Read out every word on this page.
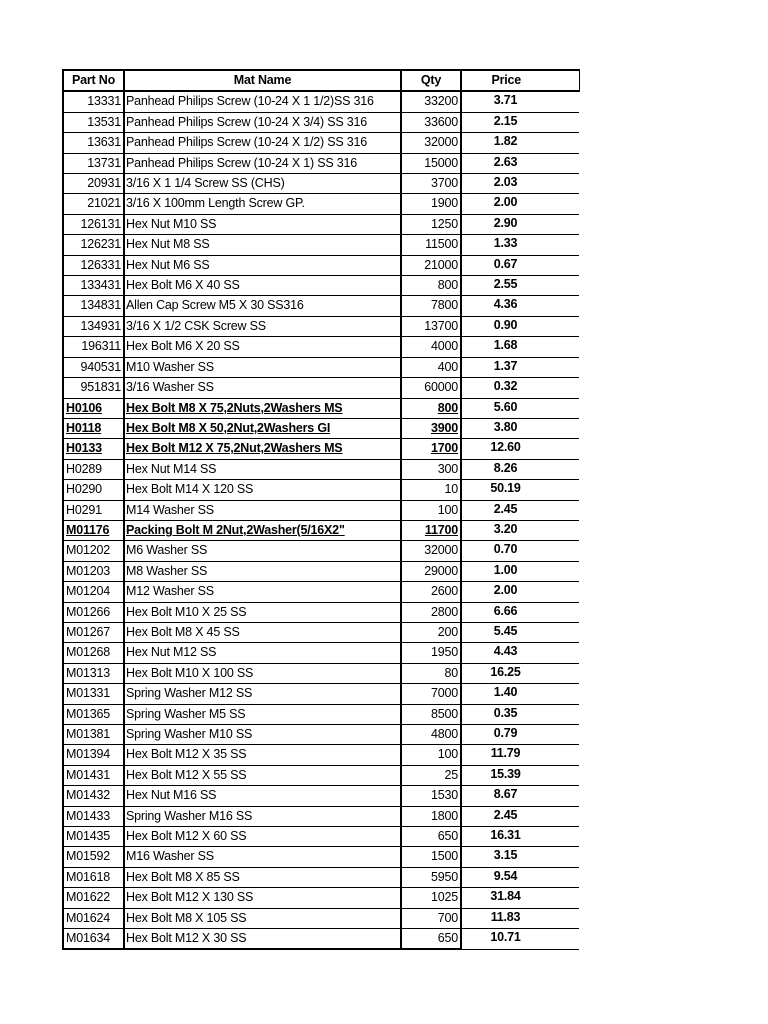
Part No	Mat Name	Qty	Price
13331	Panhead Philips Screw (10-24 X 1 1/2)SS 316	33200	3.71
13531	Panhead Philips Screw (10-24 X 3/4) SS 316	33600	2.15
13631	Panhead Philips Screw (10-24 X 1/2) SS 316	32000	1.82
13731	Panhead Philips Screw (10-24 X 1) SS 316	15000	2.63
20931	3/16 X 1 1/4 Screw SS (CHS)	3700	2.03
21021	3/16 X 100mm Length Screw GP.	1900	2.00
126131	Hex Nut M10 SS	1250	2.90
126231	Hex Nut M8 SS	11500	1.33
126331	Hex Nut M6 SS	21000	0.67
133431	Hex Bolt M6 X 40 SS	800	2.55
134831	Allen Cap Screw M5 X 30 SS316	7800	4.36
134931	3/16 X 1/2 CSK Screw SS	13700	0.90
196311	Hex Bolt M6 X 20 SS	4000	1.68
940531	M10 Washer SS	400	1.37
951831	3/16 Washer SS	60000	0.32
H0106	Hex Bolt M8 X 75,2Nuts,2Washers MS	800	5.60
H0118	Hex Bolt M8 X 50,2Nut,2Washers GI	3900	3.80
H0133	Hex Bolt M12 X 75,2Nut,2Washers MS	1700	12.60
H0289	Hex Nut M14 SS	300	8.26
H0290	Hex Bolt M14 X 120 SS	10	50.19
H0291	M14 Washer SS	100	2.45
M01176	Packing Bolt M 2Nut,2Washer(5/16X2"	11700	3.20
M01202	M6 Washer SS	32000	0.70
M01203	M8 Washer SS	29000	1.00
M01204	M12 Washer SS	2600	2.00
M01266	Hex Bolt M10 X 25 SS	2800	6.66
M01267	Hex Bolt M8 X 45 SS	200	5.45
M01268	Hex Nut M12 SS	1950	4.43
M01313	Hex Bolt M10 X 100 SS	80	16.25
M01331	Spring Washer M12 SS	7000	1.40
M01365	Spring Washer M5 SS	8500	0.35
M01381	Spring Washer M10 SS	4800	0.79
M01394	Hex Bolt M12 X 35 SS	100	11.79
M01431	Hex Bolt M12 X 55 SS	25	15.39
M01432	Hex Nut M16 SS	1530	8.67
M01433	Spring Washer M16 SS	1800	2.45
M01435	Hex Bolt M12 X 60 SS	650	16.31
M01592	M16 Washer SS	1500	3.15
M01618	Hex Bolt M8 X 85 SS	5950	9.54
M01622	Hex Bolt M12 X 130 SS	1025	31.84
M01624	Hex Bolt M8 X 105 SS	700	11.83
M01634	Hex Bolt M12 X 30 SS	650	10.71
